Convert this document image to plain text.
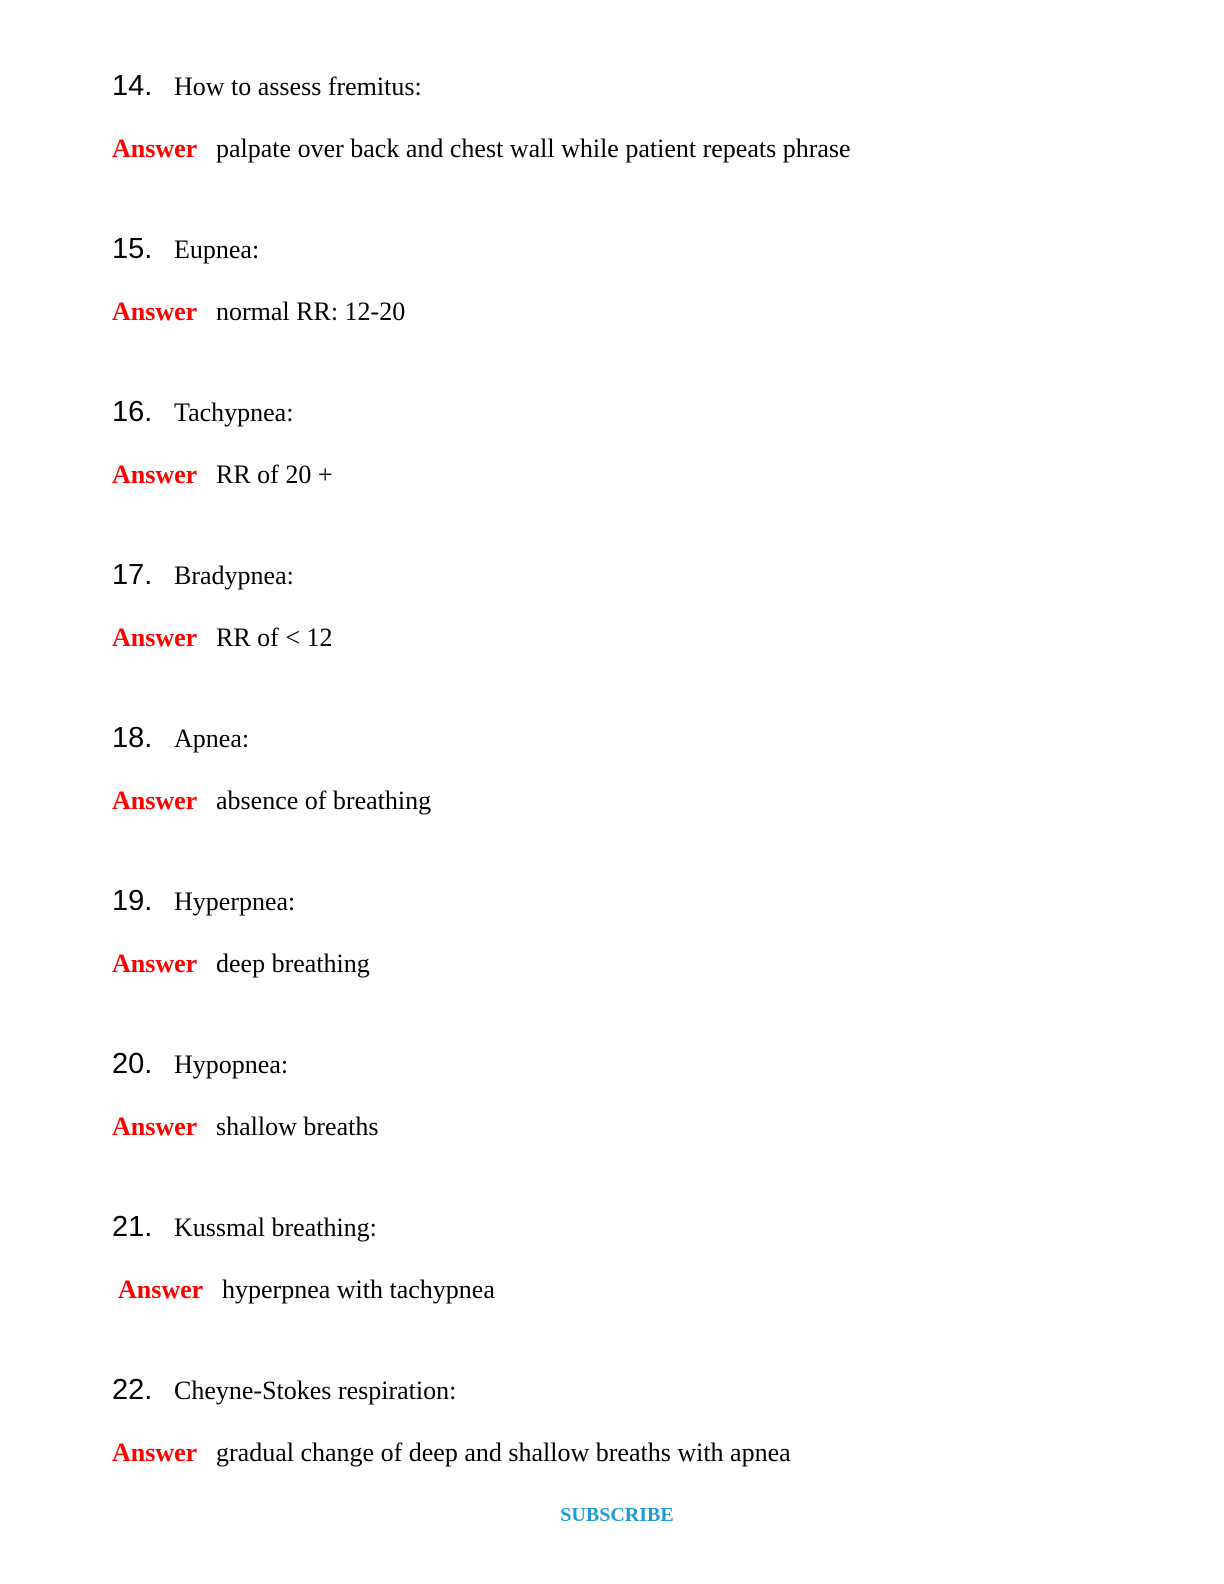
14. How to assess fremitus:
Answer palpate over back and chest wall while patient repeats phrase
15. Eupnea:
Answer normal RR: 12-20
16. Tachypnea:
Answer RR of 20 +
17. Bradypnea:
Answer RR of < 12
18. Apnea:
Answer absence of breathing
19. Hyperpnea:
Answer deep breathing
20. Hypopnea:
Answer shallow breaths
21. Kussmal breathing:
Answer hyperpnea with tachypnea
22. Cheyne-Stokes respiration:
Answer gradual change of deep and shallow breaths with apnea
SUBSCRIBE
